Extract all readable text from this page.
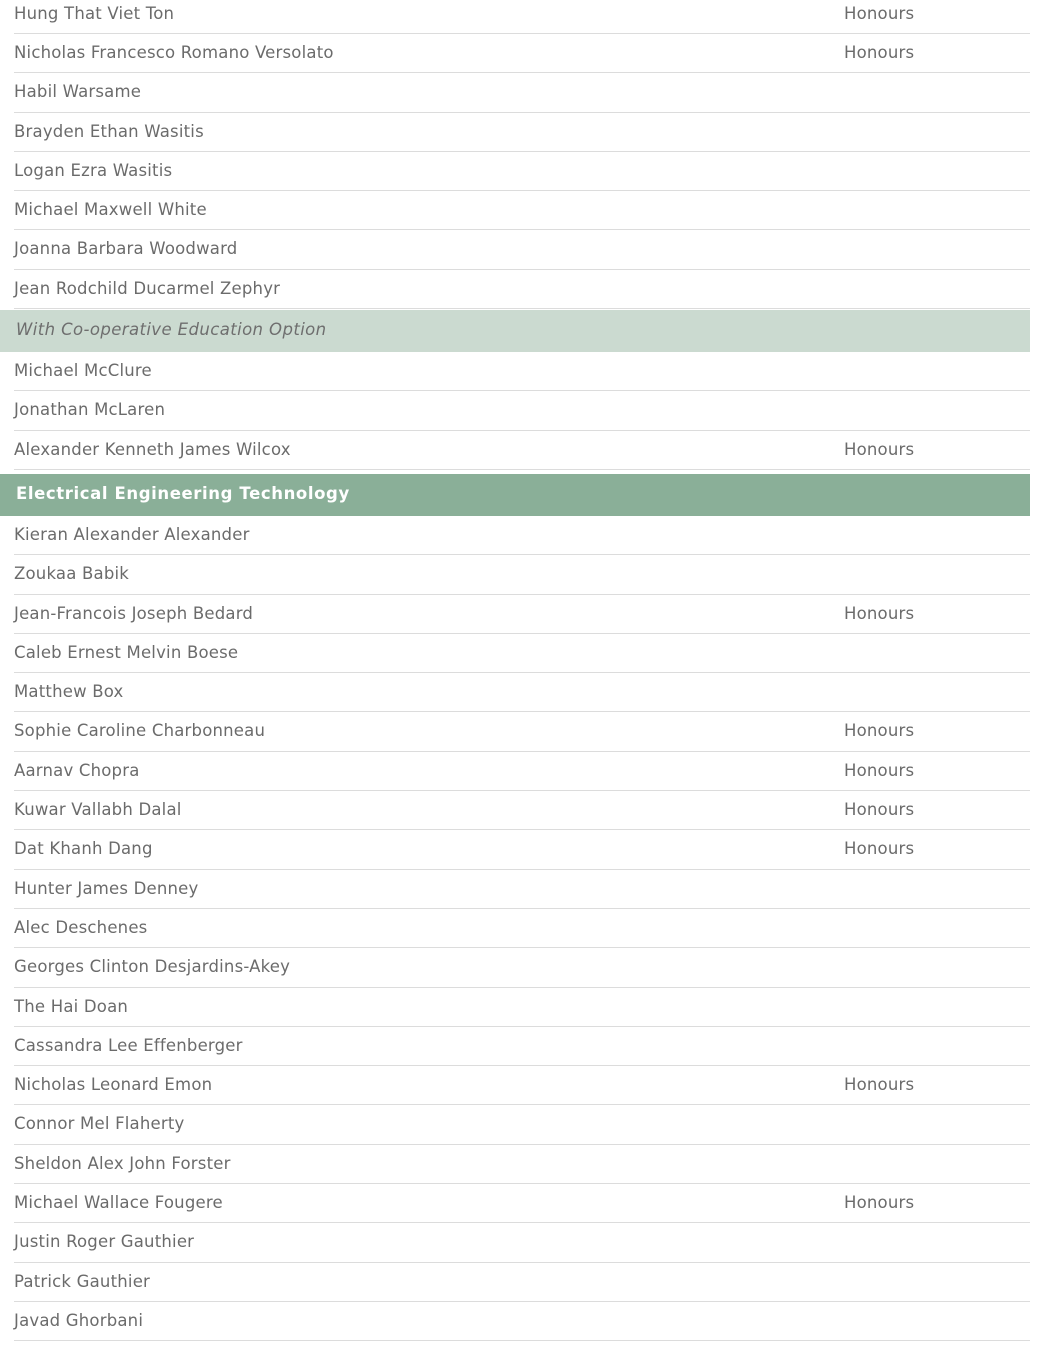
Hung That Viet Ton	Honours
Nicholas Francesco Romano Versolato	Honours
Habil Warsame
Brayden Ethan Wasitis
Logan Ezra Wasitis
Michael Maxwell White
Joanna Barbara Woodward
Jean Rodchild Ducarmel Zephyr
With Co-operative Education Option
Michael McClure
Jonathan McLaren
Alexander Kenneth James Wilcox	Honours
Electrical Engineering Technology
Kieran Alexander Alexander
Zoukaa Babik
Jean-Francois Joseph Bedard	Honours
Caleb Ernest Melvin Boese
Matthew Box
Sophie Caroline Charbonneau	Honours
Aarnav Chopra	Honours
Kuwar Vallabh Dalal	Honours
Dat Khanh Dang	Honours
Hunter James Denney
Alec Deschenes
Georges Clinton Desjardins-Akey
The Hai Doan
Cassandra Lee Effenberger
Nicholas Leonard Emon	Honours
Connor Mel Flaherty
Sheldon Alex John Forster
Michael Wallace Fougere	Honours
Justin Roger Gauthier
Patrick Gauthier
Javad Ghorbani
